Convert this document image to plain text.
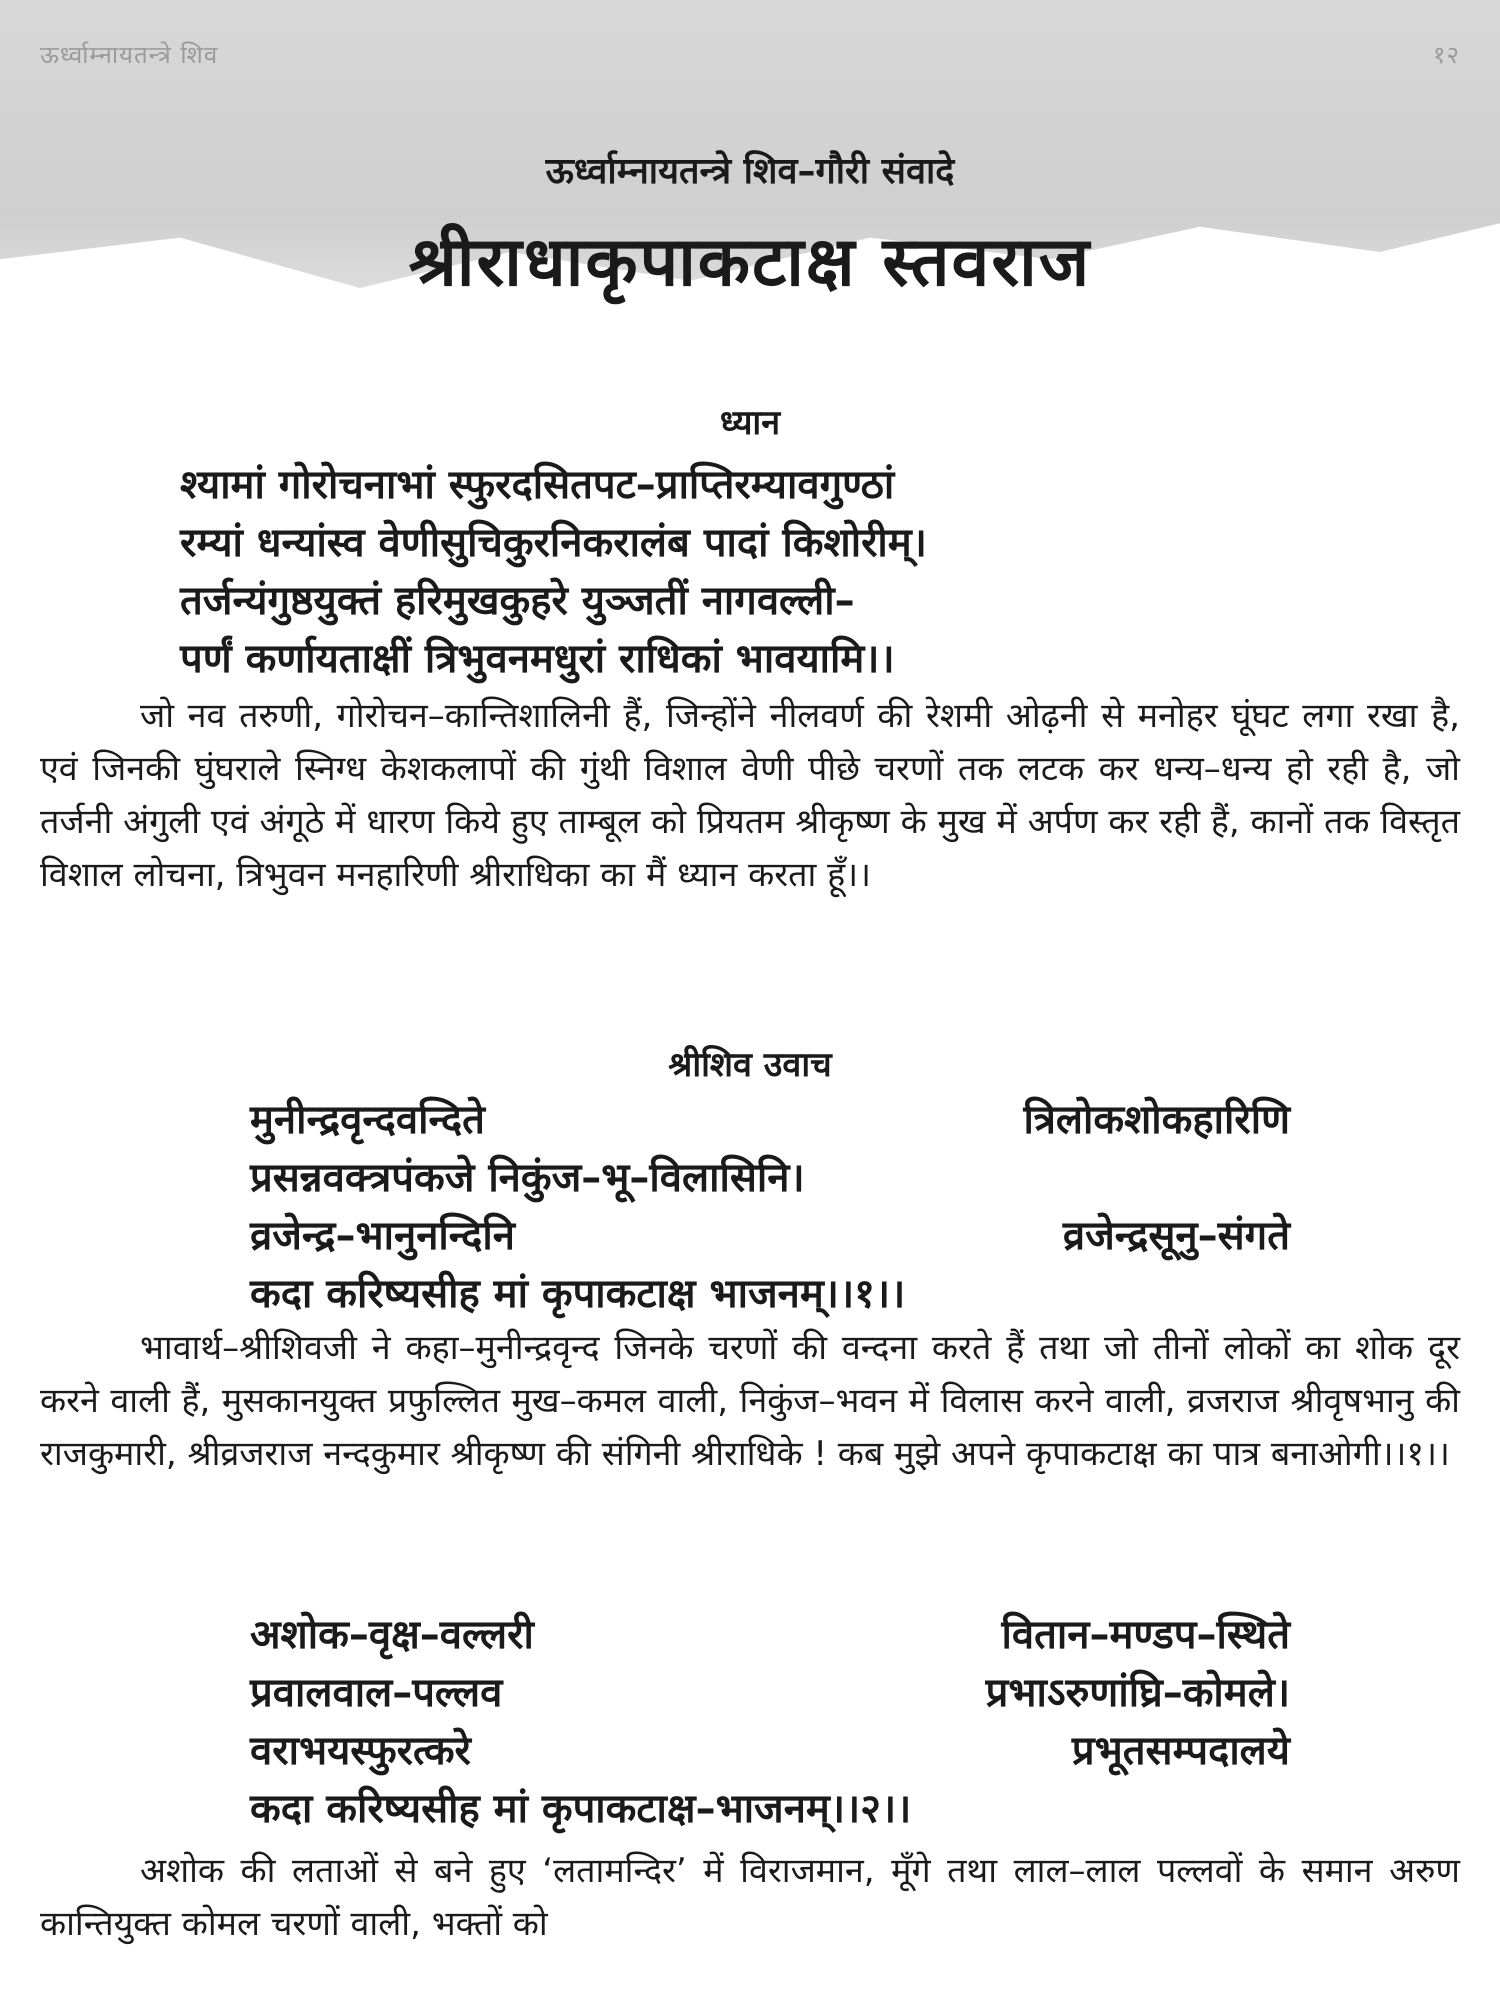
ऊर्ध्वाम्नायतन्त्रे शिव	१२
ऊर्ध्वाम्नायतन्त्रे शिव–गौरी संवादे
श्रीराधाकृपाकटाक्ष स्तवराज
ध्यान
श्यामां गोरोचनाभां स्फुरदसितपट–प्राप्तिरम्यावगुण्ठां
रम्यां धन्यांस्व वेणीसुचिकुरनिकरालंब पादां किशोरीम्।
तर्जन्यंगुष्ठयुक्तं हरिमुखकुहरे युञ्जतीं नागवल्ली–
पर्णं कर्णायताक्षीं त्रिभुवनमधुरां राधिकां भावयामि।।
जो नव तरुणी, गोरोचन–कान्तिशालिनी हैं, जिन्होंने नीलवर्ण की रेशमी ओढ़नी से मनोहर घूंघट लगा रखा है, एवं जिनकी घुंघराले स्निग्ध केशकलापों की गुंथी विशाल वेणी पीछे चरणों तक लटक कर धन्य–धन्य हो रही है, जो तर्जनी अंगुली एवं अंगूठे में धारण किये हुए ताम्बूल को प्रियतम श्रीकृष्ण के मुख में अर्पण कर रही हैं, कानों तक विस्तृत विशाल लोचना, त्रिभुवन मनहारिणी श्रीराधिका का मैं ध्यान करता हूँ।।
श्रीशिव उवाच
मुनीन्द्रवृन्दवन्दिते	त्रिलोकशोकहारिणि
प्रसन्नवक्त्रपंकजे निकुंज–भू–विलासिनि।
व्रजेन्द्र–भानुनन्दिनि	व्रजेन्द्रसूनु–संगते
कदा करिष्यसीह मां कृपाकटाक्ष भाजनम्।।१।।
भावार्थ–श्रीशिवजी ने कहा–मुनीन्द्रवृन्द जिनके चरणों की वन्दना करते हैं तथा जो तीनों लोकों का शोक दूर करने वाली हैं, मुसकानयुक्त प्रफुल्लित मुख–कमल वाली, निकुंज–भवन में विलास करने वाली, व्रजराज श्रीवृषभानु की राजकुमारी, श्रीव्रजराज नन्दकुमार श्रीकृष्ण की संगिनी श्रीराधिके ! कब मुझे अपने कृपाकटाक्ष का पात्र बनाओगी।।१।।
अशोक–वृक्ष–वल्लरी	वितान–मण्डप–स्थिते
प्रवालवाल–पल्लव	प्रभाऽरुणांघ्रि–कोमले।
वराभयस्फुरत्करे	प्रभूतसम्पदालये
कदा करिष्यसीह मां कृपाकटाक्ष–भाजनम्।।२।।
अशोक की लताओं से बने हुए ‘लतामन्दिर’ में विराजमान, मूँगे तथा लाल–लाल पल्लवों के समान अरुण कान्तियुक्त कोमल चरणों वाली, भक्तों को
